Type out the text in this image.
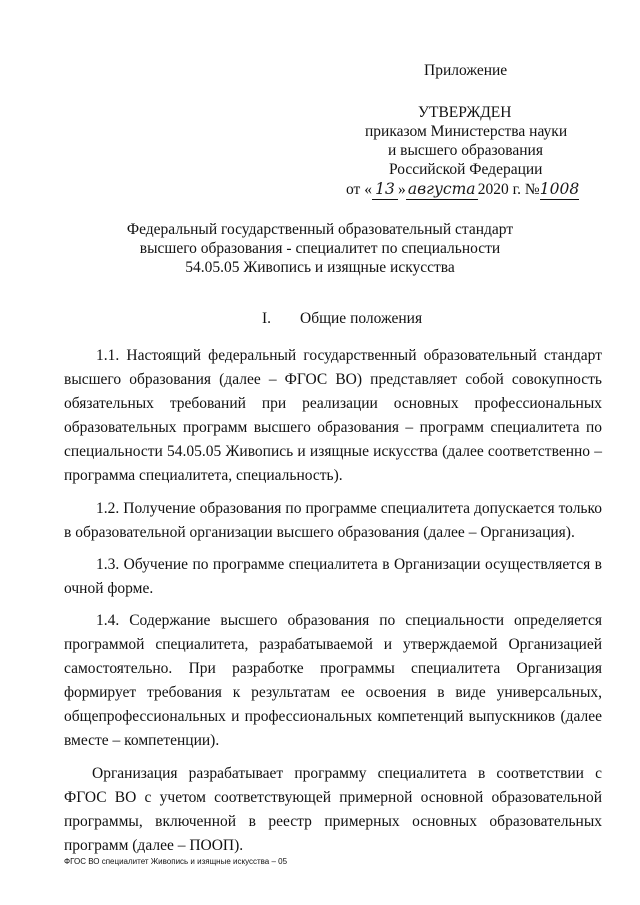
Приложение
УТВЕРЖДЕН
приказом Министерства науки
и высшего образования
Российской Федерации
от « 13 » августа 2020 г. №1008
Федеральный государственный образовательный стандарт
высшего образования - специалитет по специальности
54.05.05 Живопись и изящные искусства
I. Общие положения

1.1. Настоящий федеральный государственный образовательный стандарт высшего образования (далее – ФГОС ВО) представляет собой совокупность обязательных требований при реализации основных профессиональных образовательных программ высшего образования – программ специалитета по специальности 54.05.05 Живопись и изящные искусства (далее соответственно – программа специалитета, специальность).

1.2. Получение образования по программе специалитета допускается только в образовательной организации высшего образования (далее – Организация).

1.3. Обучение по программе специалитета в Организации осуществляется в очной форме.

1.4. Содержание высшего образования по специальности определяется программой специалитета, разрабатываемой и утверждаемой Организацией самостоятельно. При разработке программы специалитета Организация формирует требования к результатам ее освоения в виде универсальных, общепрофессиональных и профессиональных компетенций выпускников (далее вместе – компетенции).

Организация разрабатывает программу специалитета в соответствии с ФГОС ВО с учетом соответствующей примерной основной образовательной программы, включенной в реестр примерных основных образовательных программ (далее – ПООП).

ФГОС ВО специалитет Живопись и изящные искусства – 05
